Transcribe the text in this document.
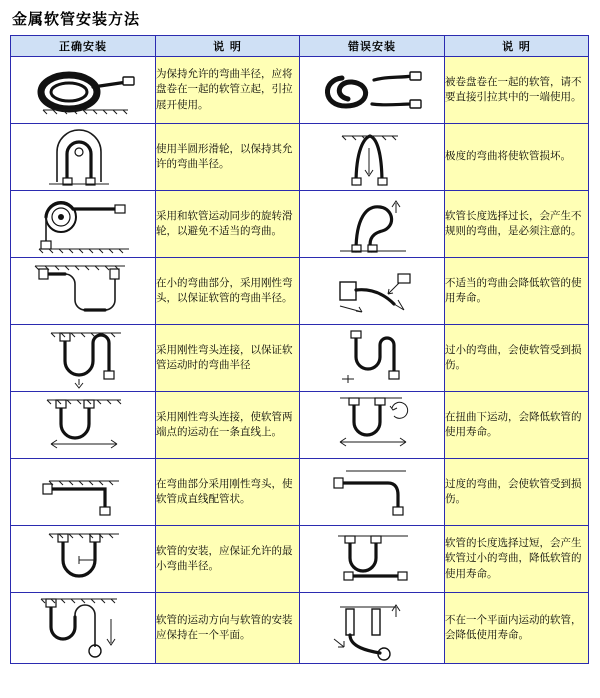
金属软管安装方法
正确安装	说 明	错误安装	说 明

	为保持允许的弯曲半径，应将盘卷在一起的软管立起，引拉展开使用。		被卷盘卷在一起的软管，请不要直接引拉其中的一端使用。

	使用半圆形滑轮，以保持其允许的弯曲半径。		极度的弯曲将使软管损坏。

	采用和软管运动同步的旋转滑轮，以避免不适当的弯曲。		软管长度选择过长，会产生不规则的弯曲，是必须注意的。

	在小的弯曲部分，采用刚性弯头，以保证软管的弯曲半径。		不适当的弯曲会降低软管的使用寿命。

	采用刚性弯头连接，以保证软管运动时的弯曲半径		过小的弯曲，会使软管受到损伤。

	采用刚性弯头连接，使软管两端点的运动在一条直线上。		在扭曲下运动，会降低软管的使用寿命。

	在弯曲部分采用刚性弯头，使软管成直线配管状。		过度的弯曲，会使软管受到损伤。

	软管的安装，应保证允许的最小弯曲半径。		软管的长度选择过短，会产生软管过小的弯曲，降低软管的使用寿命。

	软管的运动方向与软管的安装应保持在一个平面。		不在一个平面内运动的软管，会降低使用寿命。
